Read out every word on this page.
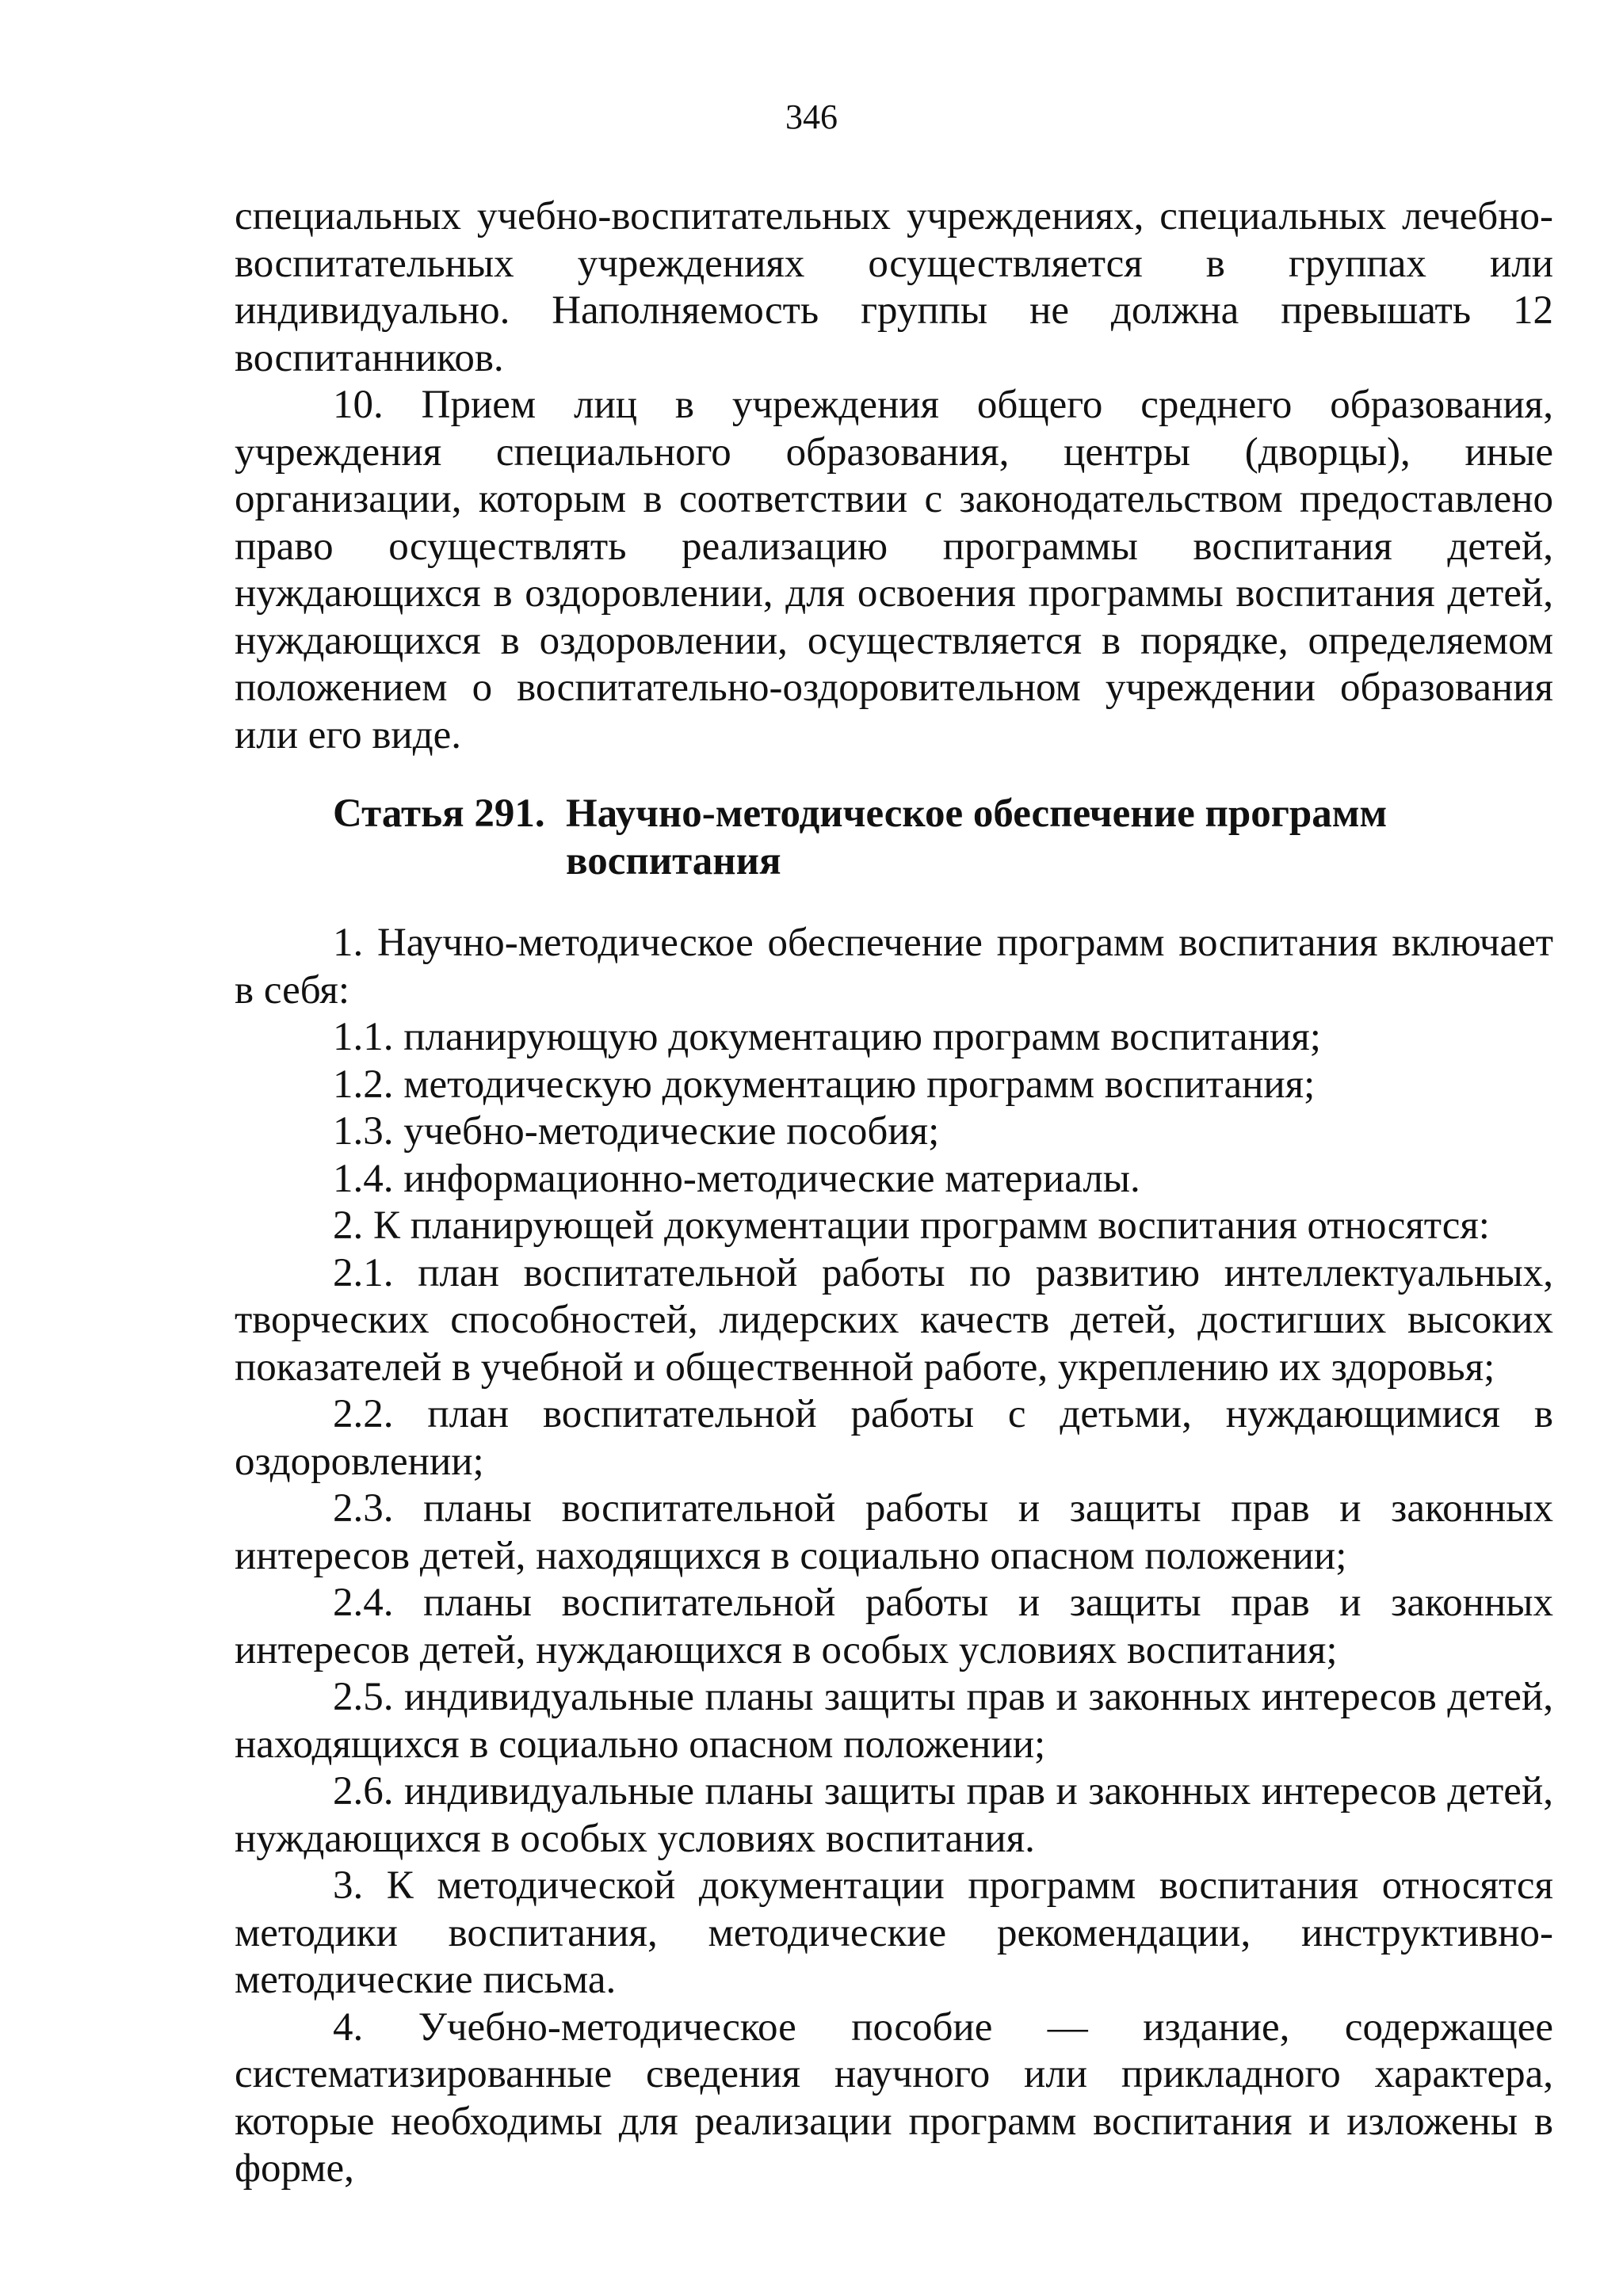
346

специальных учебно-воспитательных учреждениях, специальных лечебно-воспитательных учреждениях осуществляется в группах или индивидуально. Наполняемость группы не должна превышать 12 воспитанников.

10. Прием лиц в учреждения общего среднего образования, учреждения специального образования, центры (дворцы), иные организации, которым в соответствии с законодательством предоставлено право осуществлять реализацию программы воспитания детей, нуждающихся в оздоровлении, для освоения программы воспитания детей, нуждающихся в оздоровлении, осуществляется в порядке, определяемом положением о воспитательно-оздоровительном учреждении образования или его виде.

Статья 291. Научно-методическое обеспечение программ воспитания

1. Научно-методическое обеспечение программ воспитания включает в себя:

1.1. планирующую документацию программ воспитания;

1.2. методическую документацию программ воспитания;

1.3. учебно-методические пособия;

1.4. информационно-методические материалы.

2. К планирующей документации программ воспитания относятся:

2.1. план воспитательной работы по развитию интеллектуальных, творческих способностей, лидерских качеств детей, достигших высоких показателей в учебной и общественной работе, укреплению их здоровья;

2.2. план воспитательной работы с детьми, нуждающимися в оздоровлении;

2.3. планы воспитательной работы и защиты прав и законных интересов детей, находящихся в социально опасном положении;

2.4. планы воспитательной работы и защиты прав и законных интересов детей, нуждающихся в особых условиях воспитания;

2.5. индивидуальные планы защиты прав и законных интересов детей, находящихся в социально опасном положении;

2.6. индивидуальные планы защиты прав и законных интересов детей, нуждающихся в особых условиях воспитания.

3. К методической документации программ воспитания относятся методики воспитания, методические рекомендации, инструктивно-методические письма.

4. Учебно-методическое пособие — издание, содержащее систематизированные сведения научного или прикладного характера, которые необходимы для реализации программ воспитания и изложены в форме,
